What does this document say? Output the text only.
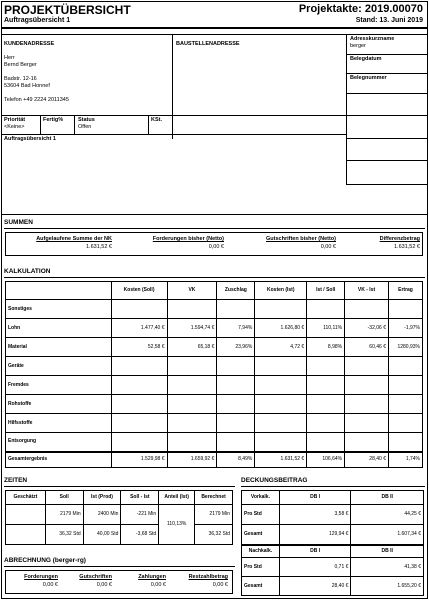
PROJEKTÜBERSICHT
Auftragsübersicht 1
Projektakte: 2019.00070
Stand: 13. Juni 2019
KUNDENADRESSE
Herr
Bernd Berger
Badstr. 12-16
53604 Bad Honnef
Telefon +49 2224 2011345
BAUSTELLENADRESSE
Adresskurzname
berger
Belegdatum
Belegnummer
Priorität
<Keine>
Fertig%	Status
Offen
KSt.
Auftragsübersicht 1
SUMMEN
Aufgelaufene Summe der NK	Forderungen bisher (Netto)	Gutschriften bisher (Netto)	Differenzbetrag
1.631,52 €	0,00 €	0,00 €	1.631,52 €
KALKULATION
	Kosten (Soll)	VK	Zuschlag	Kosten (Ist)	Ist / Soll	VK - Ist	Ertrag
Sonstiges							
Lohn	1.477,40 €	1.594,74 €	7,94%	1.626,80 €	110,11%	-32,06 €	-1,97%
Material	52,58 €	65,18 €	23,96%	4,72 €	8,98%	60,46 €	1280,93%
Geräte							
Fremdes							
Rohstoffe							
Hilfsstoffe							
Entsorgung							
Gesamtergebnis	1.529,98 €	1.659,92 €	8,49%	1.631,52 €	106,64%	28,40 €	1,74%
ZEITEN
Geschätzt	Soll	Ist (Prod)	Soll - Ist	Anteil (Ist)	Berechnet
	2179 Min	2400 Min	-221 Min	110,13%	2179 Min
	36,32 Std	40,00 Std	-3,68 Std		36,32 Std
DECKUNGSBEITRAG
Vorkalk.	DB I	DB II
Pro Std	3,58 €	44,25 €
Gesamt	129,94 €	1.607,34 €
Nachkalk.	DB I	DB II
Pro Std	0,71 €	41,38 €
Gesamt	28,40 €	1.655,20 €
ABRECHNUNG (berger-rg)
Forderungen	Gutschriften	Zahlungen	Restzahlbetrag
0,00 €	0,00 €	0,00 €	0,00 €
